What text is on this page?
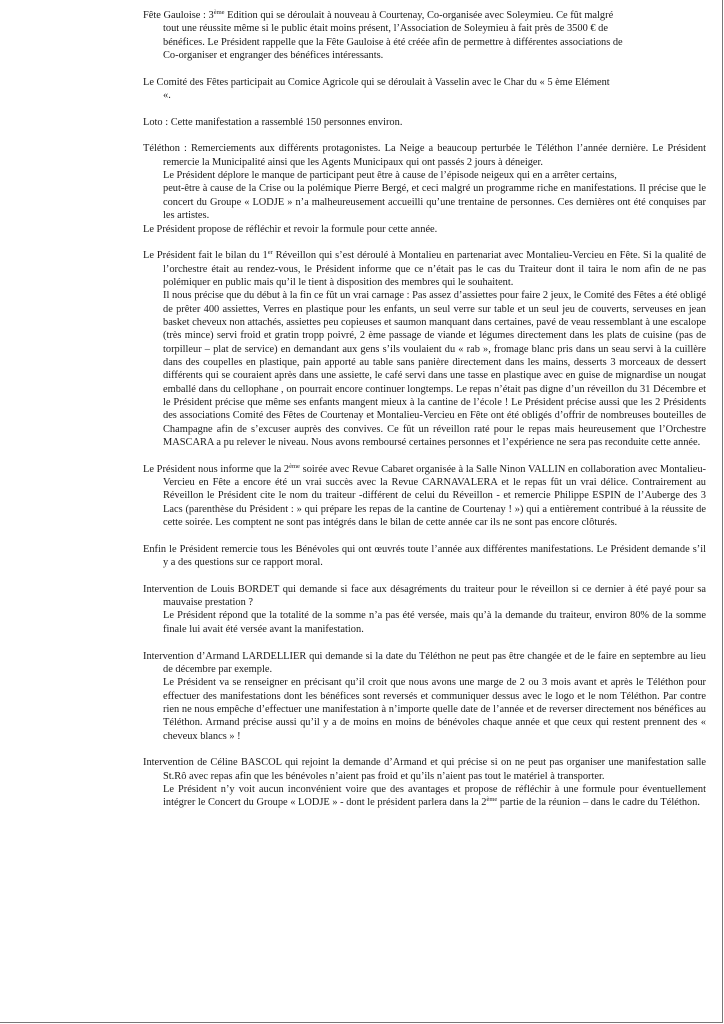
Fête Gauloise : 3ème Edition qui se déroulait à nouveau à Courtenay, Co-organisée avec Soleymieu. Ce fût malgré
tout une réussite même si le public était moins présent, l’Association de Soleymieu à fait près de 3500 € de
bénéfices. Le Président rappelle que la Fête Gauloise à été créée afin de permettre à différentes associations de
Co-organiser et engranger des bénéfices intéressants.
Le Comité des Fêtes participait au Comice Agricole qui se déroulait à Vasselin avec le Char du « 5 ème Elément
«.
Loto : Cette manifestation a rassemblé 150 personnes environ.
Téléthon : Remerciements aux différents protagonistes. La Neige a beaucoup perturbée le Téléthon l’année dernière. Le Président remercie la Municipalité ainsi que les Agents Municipaux qui ont passés 2 jours à déneiger.
Le Président déplore le manque de participant peut être à cause de l’épisode neigeux qui en a arrêter certains,
peut-être à cause de la Crise ou la polémique Pierre Bergé, et ceci malgré un programme riche en manifestations. Il précise que le concert du Groupe « LODJE » n’a malheureusement accueilli qu’une trentaine de personnes. Ces dernières ont été conquises par les artistes.
Le Président propose de réfléchir et revoir la formule pour cette année.
Le Président fait le bilan du 1er Réveillon qui s’est déroulé à Montalieu en partenariat avec Montalieu-Vercieu en Fête. Si la qualité de l’orchestre était au rendez-vous, le Président informe que ce n’était pas le cas du Traiteur dont il taira le nom afin de ne pas polémiquer en public mais qu’il le tient à disposition des membres qui le souhaitent.
Il nous précise que du début à la fin ce fût un vrai carnage : Pas assez d’assiettes pour faire 2 jeux, le Comité des Fêtes a été obligé de prêter 400 assiettes, Verres en plastique pour les enfants, un seul verre sur table et un seul jeu de couverts, serveuses en jean basket cheveux non attachés, assiettes peu copieuses et saumon manquant dans certaines, pavé de veau ressemblant à une escalope (très mince) servi froid et gratin tropp poivré, 2 ème passage de viande et légumes directement dans les plats de cuisine (pas de torpilleur – plat de service) en demandant aux gens s’ils voulaient du « rab », fromage blanc pris dans un seau servi à la cuillère dans des coupelles en plastique, pain apporté au table sans panière directement dans les mains, desserts 3 morceaux de dessert différents qui se couraient après dans une assiette, le café servi dans une tasse en plastique avec en guise de mignardise un nougat emballé dans du cellophane , on pourrait encore continuer longtemps. Le repas n’était pas digne d’un réveillon du 31 Décembre et le Président précise que même ses enfants mangent mieux à la cantine de l’école ! Le Président précise aussi que les 2 Présidents des associations Comité des Fêtes de Courtenay et Montalieu-Vercieu en Fête ont été obligés d’offrir de nombreuses bouteilles de Champagne afin de s’excuser auprès des convives. Ce fût un réveillon raté pour le repas mais heureusement que l’Orchestre MASCARA a pu relever le niveau. Nous avons remboursé certaines personnes et l’expérience ne sera pas reconduite cette année.
Le Président nous informe que la 2ème soirée avec Revue Cabaret organisée à la Salle Ninon VALLIN en collaboration avec Montalieu-Vercieu en Fête a encore été un vrai succès avec la Revue CARNAVALERA et le repas fût un vrai délice. Contrairement au Réveillon le Président cite le nom du traiteur -différent de celui du Réveillon - et remercie Philippe ESPIN de l’Auberge des 3 Lacs (parenthèse du Président : » qui prépare les repas de la cantine de Courtenay ! ») qui a entièrement contribué à la réussite de cette soirée. Les comptent ne sont pas intégrés dans le bilan de cette année car ils ne sont pas encore clôturés.
Enfin le Président remercie tous les Bénévoles qui ont œuvrés toute l’année aux différentes manifestations. Le Président demande s’il y a des questions sur ce rapport moral.
Intervention de Louis BORDET qui demande si face aux désagréments du traiteur pour le réveillon si ce dernier à été payé pour sa mauvaise prestation ?
Le Président répond que la totalité de la somme n’a pas été versée, mais qu’à la demande du traiteur, environ 80% de la somme finale lui avait été versée avant la manifestation.
Intervention d’Armand LARDELLIER qui demande si la date du Téléthon ne peut pas être changée et de le faire en septembre au lieu de décembre par exemple.
Le Président va se renseigner en précisant qu’il croit que nous avons une marge de 2 ou 3 mois avant et après le Téléthon pour effectuer des manifestations dont les bénéfices sont reversés et communiquer dessus avec le logo et le nom Téléthon. Par contre rien ne nous empêche d’effectuer une manifestation à n’importe quelle date de l’année et de reverser directement nos bénéfices au Téléthon. Armand précise aussi qu’il y a de moins en moins de bénévoles chaque année et que ceux qui restent prennent des « cheveux blancs » !
Intervention de Céline BASCOL qui rejoint la demande d’Armand et qui précise si on ne peut pas organiser une manifestation salle St.Rô avec repas afin que les bénévoles n’aient pas froid et qu’ils n’aient pas tout le matériel à transporter.
Le Président n’y voit aucun inconvénient voire que des avantages et propose de réfléchir à une formule pour éventuellement intégrer le Concert du Groupe « LODJE » - dont le président parlera dans la 2ème partie de la réunion – dans le cadre du Téléthon.
